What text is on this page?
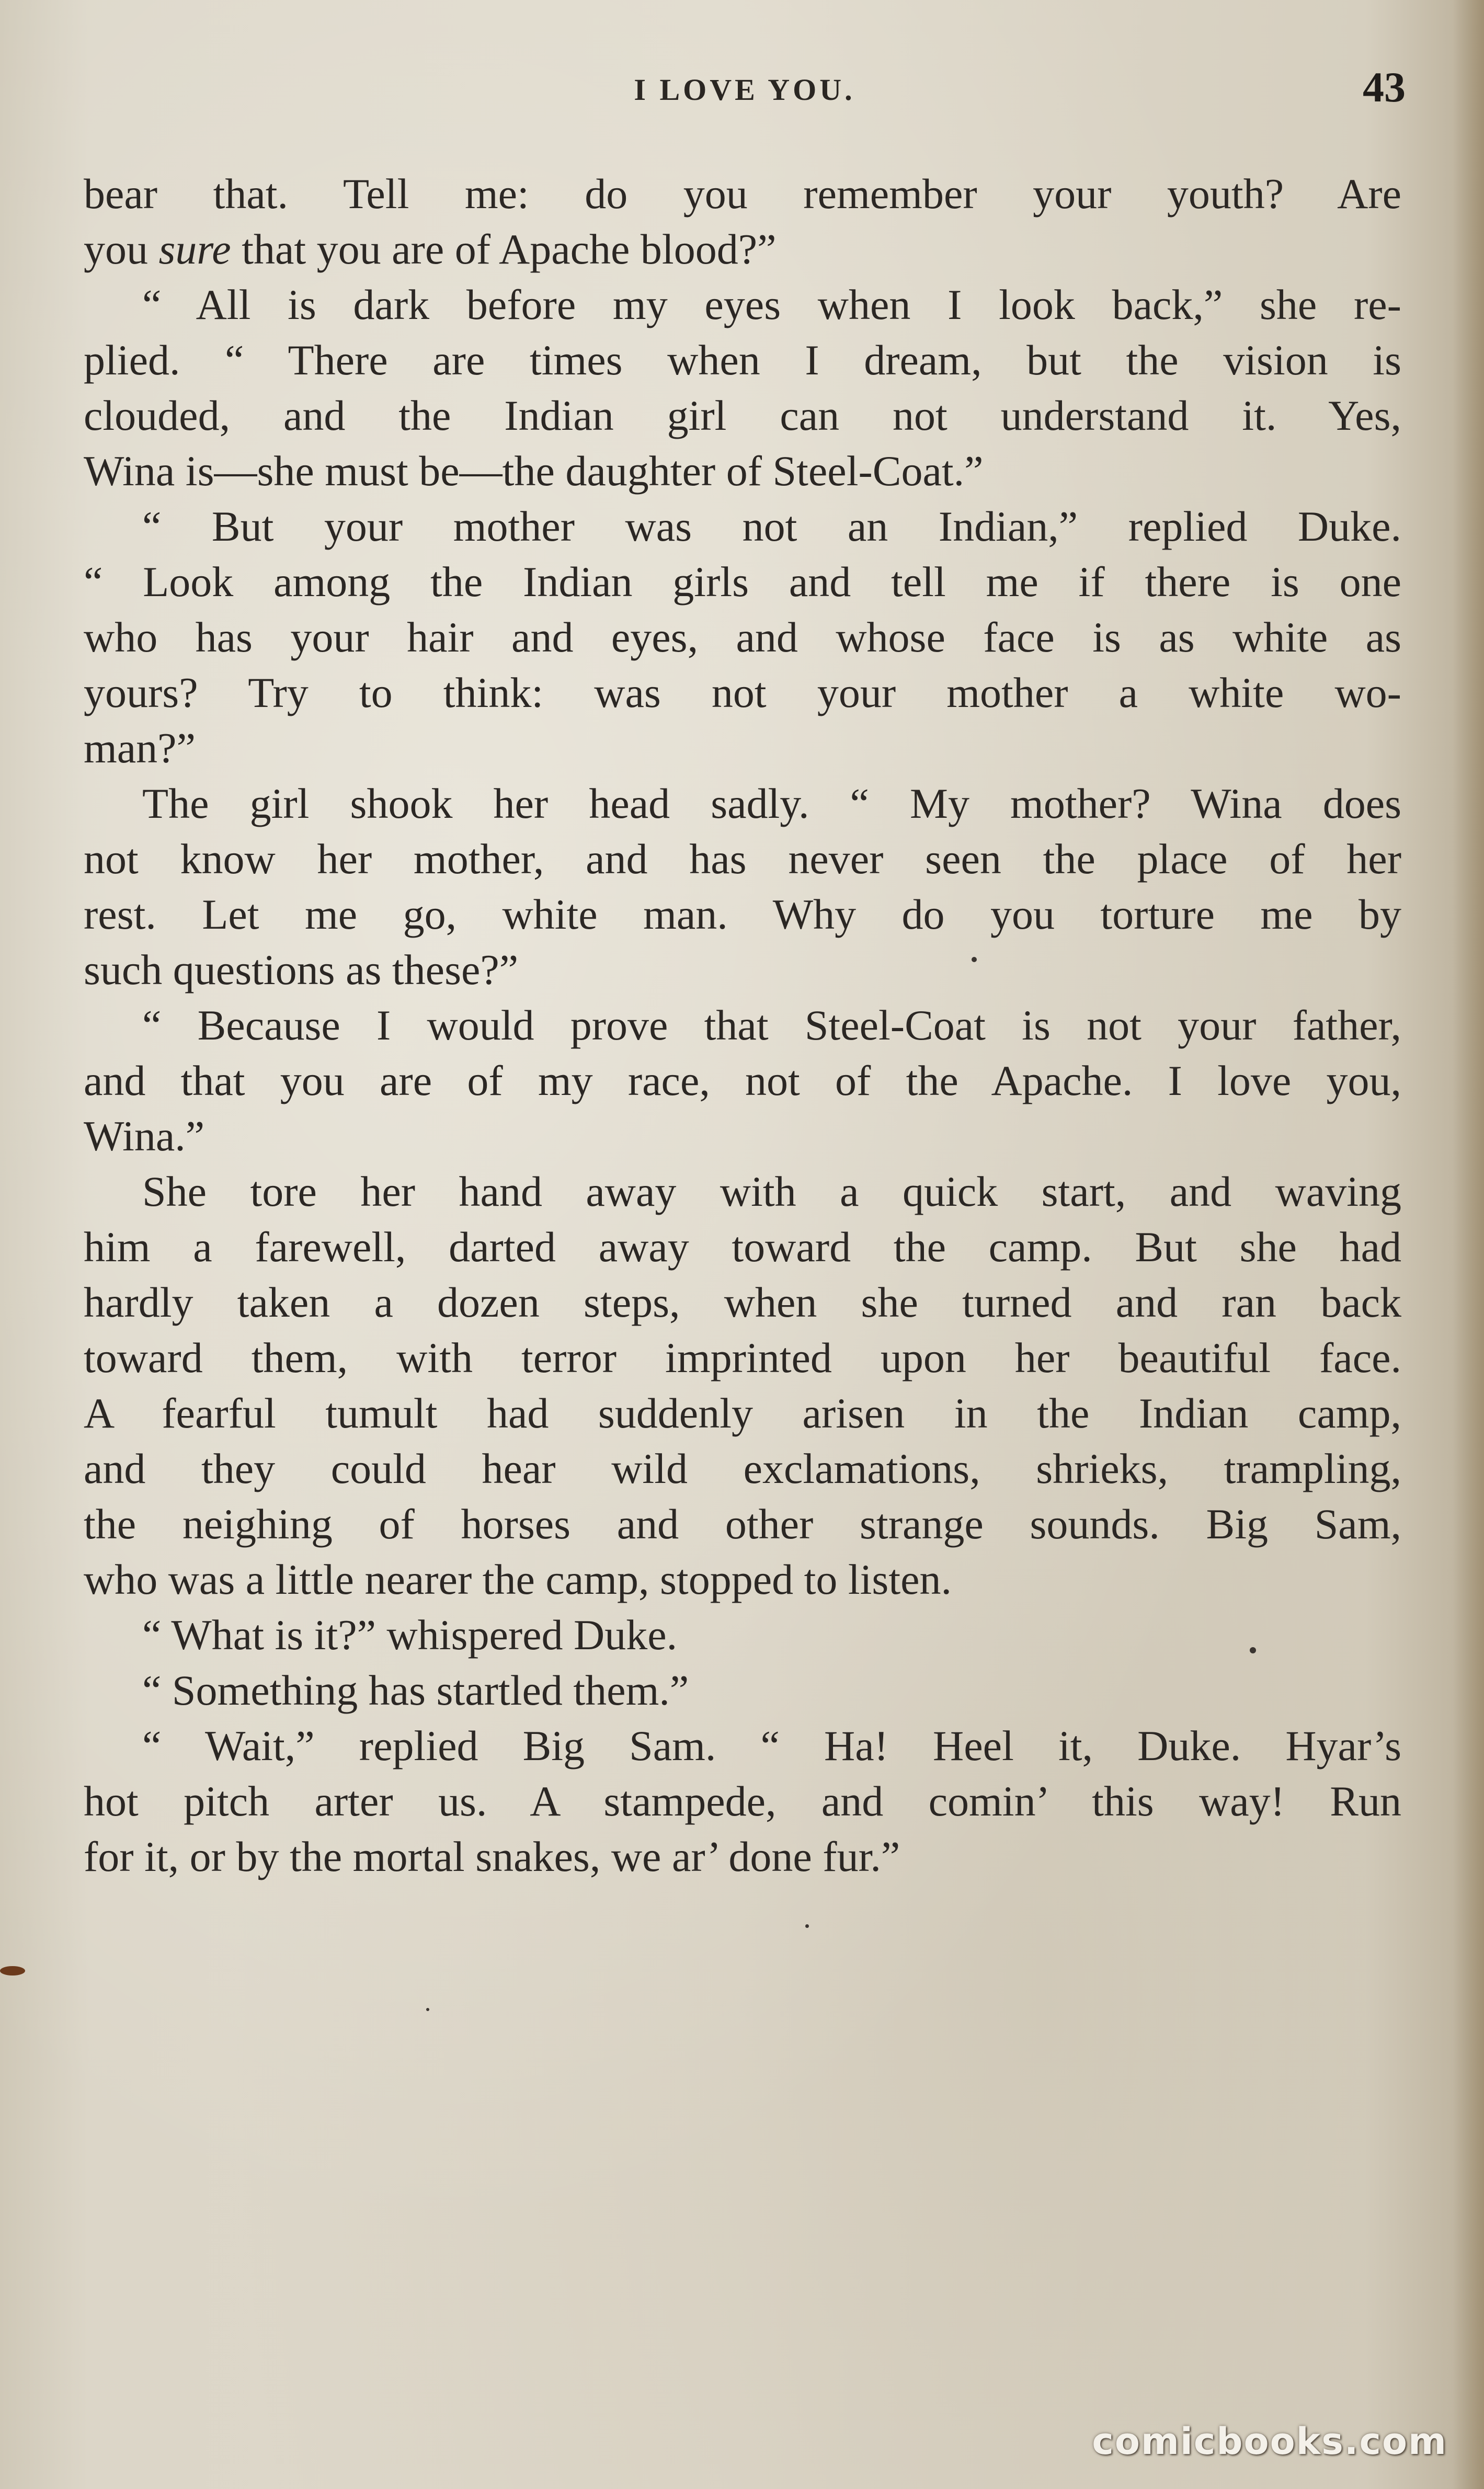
I LOVE YOU.	43
bear that. Tell me: do you remember your youth? Are
you sure that you are of Apache blood?”
“ All is dark before my eyes when I look back,” she re-
plied. “ There are times when I dream, but the vision is
clouded, and the Indian girl can not understand it. Yes,
Wina is—she must be—the daughter of Steel-Coat.”
“ But your mother was not an Indian,” replied Duke.
“ Look among the Indian girls and tell me if there is one
who has your hair and eyes, and whose face is as white as
yours? Try to think: was not your mother a white wo-
man?”
The girl shook her head sadly. “ My mother? Wina does
not know her mother, and has never seen the place of her
rest. Let me go, white man. Why do you torture me by
such questions as these?”
“ Because I would prove that Steel-Coat is not your father,
and that you are of my race, not of the Apache. I love you,
Wina.”
She tore her hand away with a quick start, and waving
him a farewell, darted away toward the camp. But she had
hardly taken a dozen steps, when she turned and ran back
toward them, with terror imprinted upon her beautiful face.
A fearful tumult had suddenly arisen in the Indian camp,
and they could hear wild exclamations, shrieks, trampling,
the neighing of horses and other strange sounds. Big Sam,
who was a little nearer the camp, stopped to listen.
“ What is it?” whispered Duke.
“ Something has startled them.”
“ Wait,” replied Big Sam. “ Ha! Heel it, Duke. Hyar’s
hot pitch arter us. A stampede, and comin’ this way! Run
for it, or by the mortal snakes, we ar’ done fur.”
comicbooks.com
